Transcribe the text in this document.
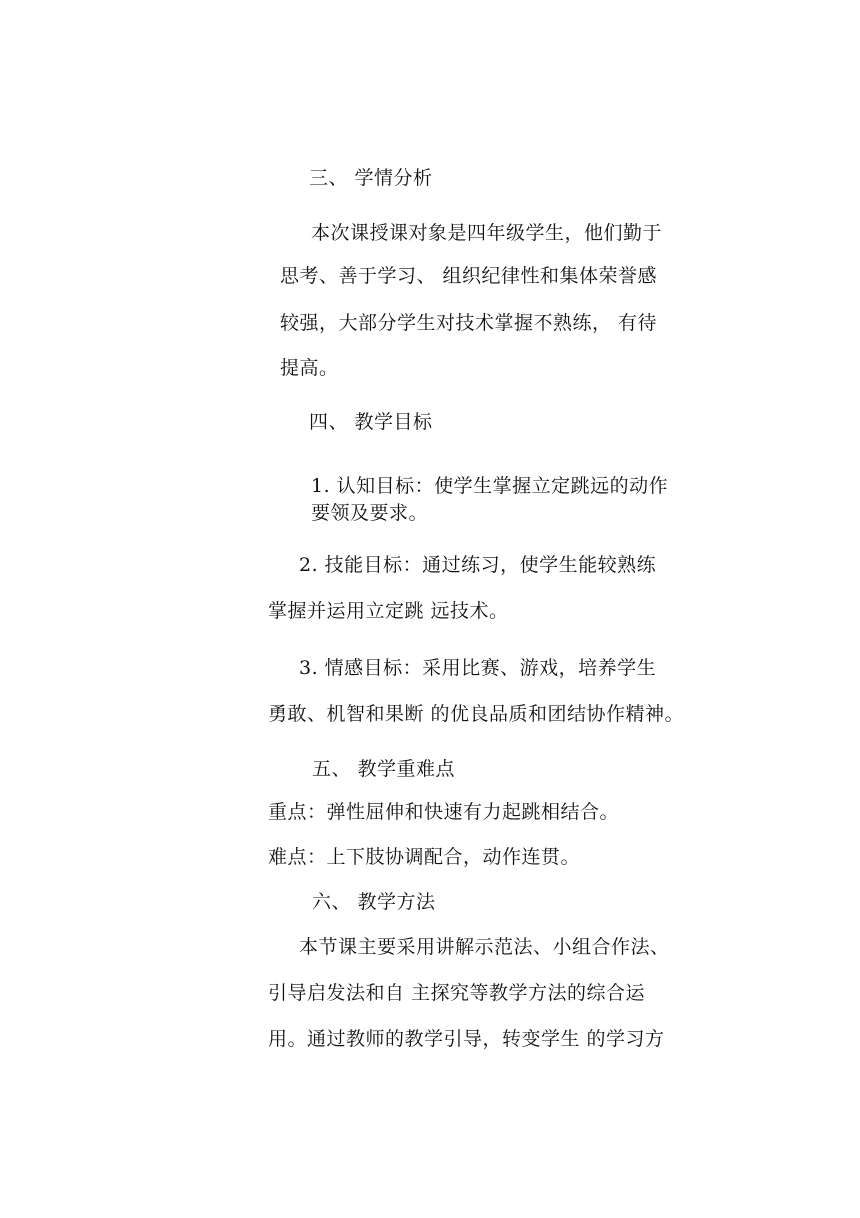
三、 学情分析
本次课授课对象是四年级学生，他们勤于
思考、善于学习、 组织纪律性和集体荣誉感
较强，大部分学生对技术掌握不熟练， 有待
提高。
四、 教学目标
1. 认知目标：使学生掌握立定跳远的动作
要领及要求。
2. 技能目标：通过练习，使学生能较熟练
掌握并运用立定跳 远技术。
3. 情感目标：采用比赛、游戏，培养学生
勇敢、机智和果断 的优良品质和团结协作精神。
五、 教学重难点
重点：弹性屈伸和快速有力起跳相结合。
难点：上下肢协调配合，动作连贯。
六、 教学方法
本节课主要采用讲解示范法、小组合作法、
引导启发法和自 主探究等教学方法的综合运
用。通过教师的教学引导，转变学生 的学习方
